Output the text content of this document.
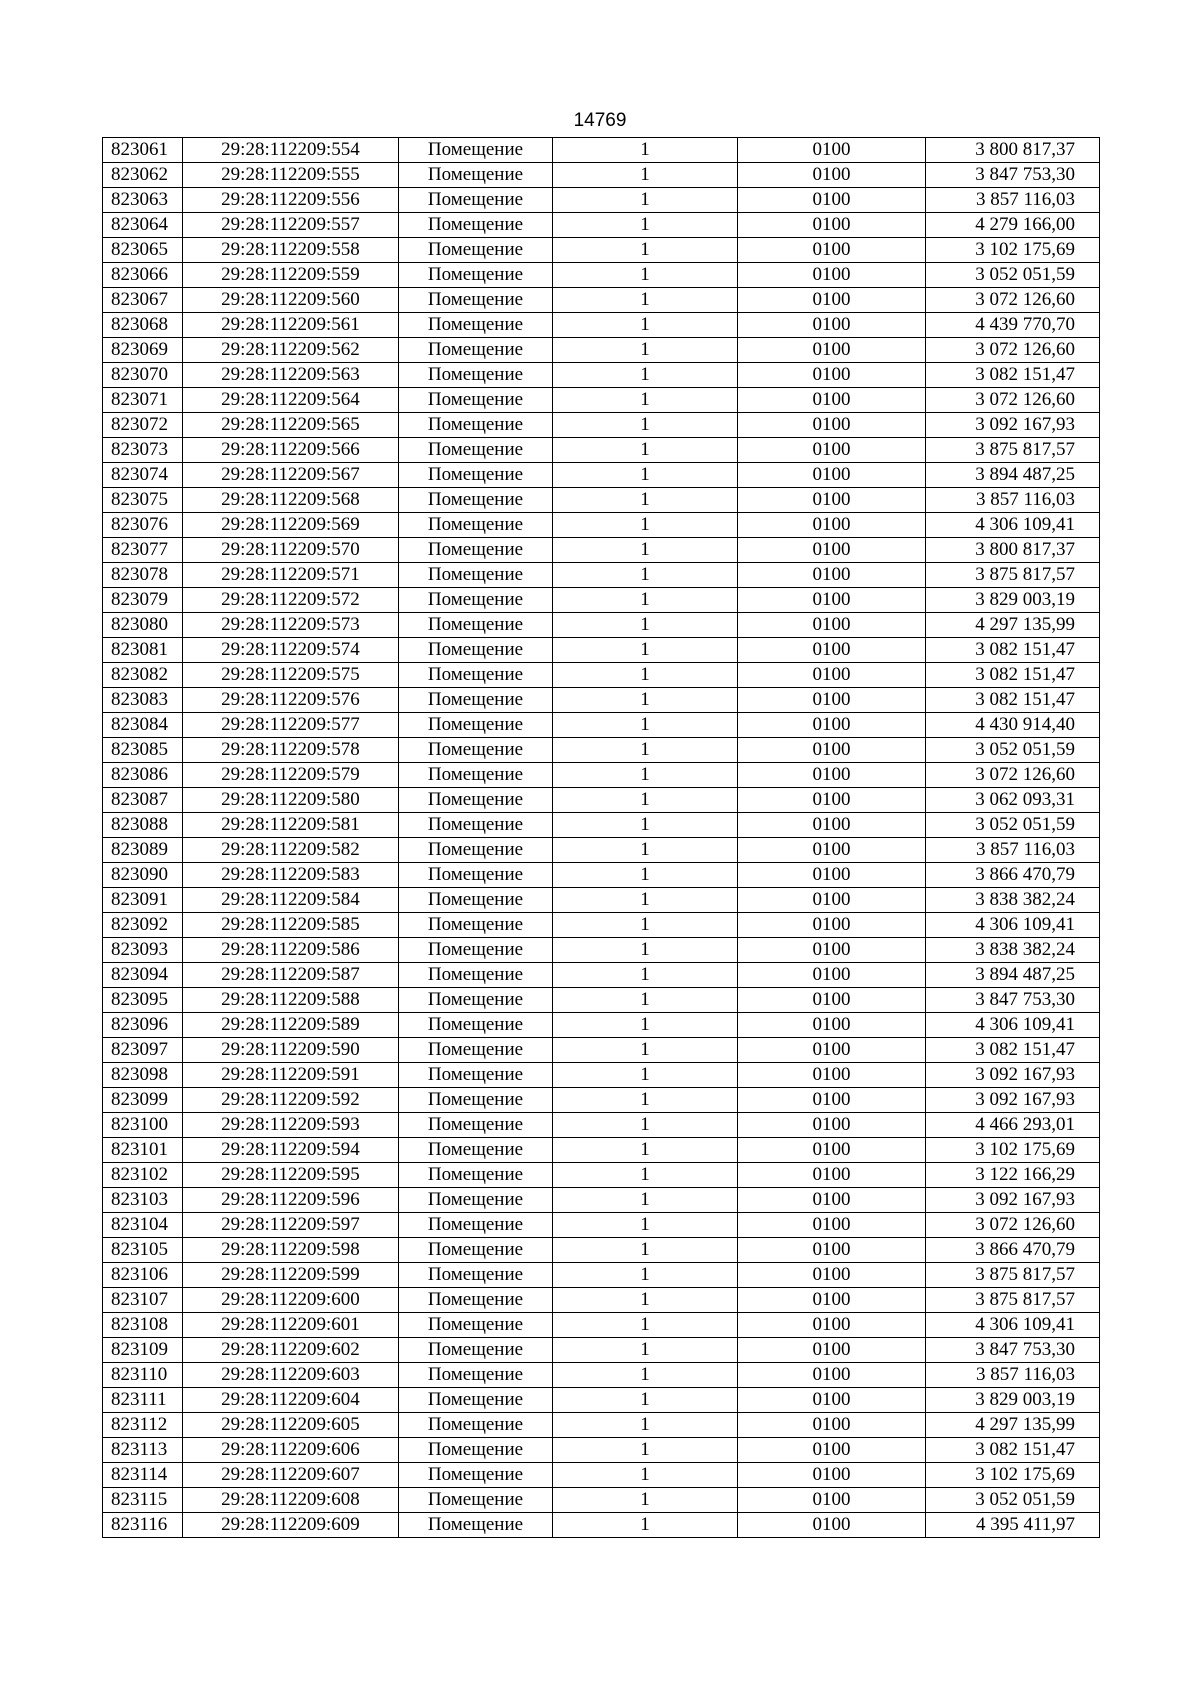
14769
823061	29:28:112209:554	Помещение	1	0100	3 800 817,37
823062	29:28:112209:555	Помещение	1	0100	3 847 753,30
823063	29:28:112209:556	Помещение	1	0100	3 857 116,03
823064	29:28:112209:557	Помещение	1	0100	4 279 166,00
823065	29:28:112209:558	Помещение	1	0100	3 102 175,69
823066	29:28:112209:559	Помещение	1	0100	3 052 051,59
823067	29:28:112209:560	Помещение	1	0100	3 072 126,60
823068	29:28:112209:561	Помещение	1	0100	4 439 770,70
823069	29:28:112209:562	Помещение	1	0100	3 072 126,60
823070	29:28:112209:563	Помещение	1	0100	3 082 151,47
823071	29:28:112209:564	Помещение	1	0100	3 072 126,60
823072	29:28:112209:565	Помещение	1	0100	3 092 167,93
823073	29:28:112209:566	Помещение	1	0100	3 875 817,57
823074	29:28:112209:567	Помещение	1	0100	3 894 487,25
823075	29:28:112209:568	Помещение	1	0100	3 857 116,03
823076	29:28:112209:569	Помещение	1	0100	4 306 109,41
823077	29:28:112209:570	Помещение	1	0100	3 800 817,37
823078	29:28:112209:571	Помещение	1	0100	3 875 817,57
823079	29:28:112209:572	Помещение	1	0100	3 829 003,19
823080	29:28:112209:573	Помещение	1	0100	4 297 135,99
823081	29:28:112209:574	Помещение	1	0100	3 082 151,47
823082	29:28:112209:575	Помещение	1	0100	3 082 151,47
823083	29:28:112209:576	Помещение	1	0100	3 082 151,47
823084	29:28:112209:577	Помещение	1	0100	4 430 914,40
823085	29:28:112209:578	Помещение	1	0100	3 052 051,59
823086	29:28:112209:579	Помещение	1	0100	3 072 126,60
823087	29:28:112209:580	Помещение	1	0100	3 062 093,31
823088	29:28:112209:581	Помещение	1	0100	3 052 051,59
823089	29:28:112209:582	Помещение	1	0100	3 857 116,03
823090	29:28:112209:583	Помещение	1	0100	3 866 470,79
823091	29:28:112209:584	Помещение	1	0100	3 838 382,24
823092	29:28:112209:585	Помещение	1	0100	4 306 109,41
823093	29:28:112209:586	Помещение	1	0100	3 838 382,24
823094	29:28:112209:587	Помещение	1	0100	3 894 487,25
823095	29:28:112209:588	Помещение	1	0100	3 847 753,30
823096	29:28:112209:589	Помещение	1	0100	4 306 109,41
823097	29:28:112209:590	Помещение	1	0100	3 082 151,47
823098	29:28:112209:591	Помещение	1	0100	3 092 167,93
823099	29:28:112209:592	Помещение	1	0100	3 092 167,93
823100	29:28:112209:593	Помещение	1	0100	4 466 293,01
823101	29:28:112209:594	Помещение	1	0100	3 102 175,69
823102	29:28:112209:595	Помещение	1	0100	3 122 166,29
823103	29:28:112209:596	Помещение	1	0100	3 092 167,93
823104	29:28:112209:597	Помещение	1	0100	3 072 126,60
823105	29:28:112209:598	Помещение	1	0100	3 866 470,79
823106	29:28:112209:599	Помещение	1	0100	3 875 817,57
823107	29:28:112209:600	Помещение	1	0100	3 875 817,57
823108	29:28:112209:601	Помещение	1	0100	4 306 109,41
823109	29:28:112209:602	Помещение	1	0100	3 847 753,30
823110	29:28:112209:603	Помещение	1	0100	3 857 116,03
823111	29:28:112209:604	Помещение	1	0100	3 829 003,19
823112	29:28:112209:605	Помещение	1	0100	4 297 135,99
823113	29:28:112209:606	Помещение	1	0100	3 082 151,47
823114	29:28:112209:607	Помещение	1	0100	3 102 175,69
823115	29:28:112209:608	Помещение	1	0100	3 052 051,59
823116	29:28:112209:609	Помещение	1	0100	4 395 411,97
